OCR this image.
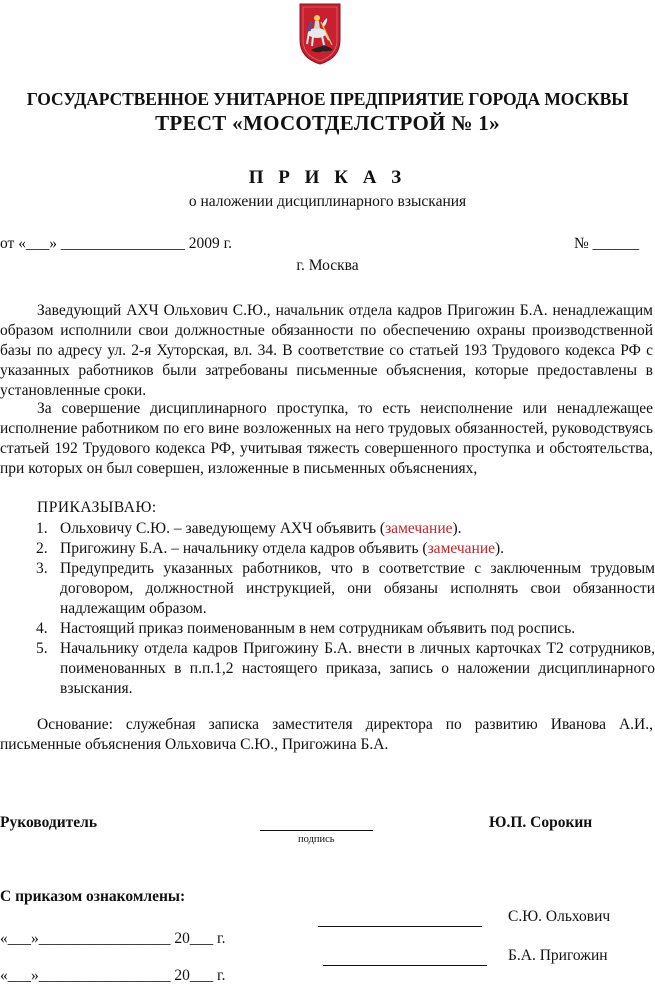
ГОСУДАРСТВЕННОЕ УНИТАРНОЕ ПРЕДПРИЯТИЕ ГОРОДА МОСКВЫ
ТРЕСТ «МОСОТДЕЛСТРОЙ № 1»
П Р И К А З
о наложении дисциплинарного взыскания
от «___» ________________ 2009 г.	№ ______
г. Москва

Заведующий АХЧ Ольхович С.Ю., начальник отдела кадров Пригожин Б.А. ненадлежащим образом исполнили свои должностные обязанности по обеспечению охраны производственной базы по адресу ул. 2-я Хуторская, вл. 34. В соответствие со статьей 193 Трудового кодекса РФ с указанных работников были затребованы письменные объяснения, которые предоставлены в установленные сроки.

За совершение дисциплинарного проступка, то есть неисполнение или ненадлежащее исполнение работником по его вине возложенных на него трудовых обязанностей, руководствуясь статьей 192 Трудового кодекса РФ, учитывая тяжесть совершенного проступка и обстоятельства, при которых он был совершен, изложенные в письменных объяснениях,

ПРИКАЗЫВАЮ:
1. Ольховичу С.Ю. – заведующему АХЧ объявить (замечание).
2. Пригожину Б.А. – начальнику отдела кадров объявить (замечание).
3. Предупредить указанных работников, что в соответствие с заключенным трудовым договором, должностной инструкцией, они обязаны исполнять свои обязанности надлежащим образом.
4. Настоящий приказ поименованным в нем сотрудникам объявить под роспись.
5. Начальнику отдела кадров Пригожину Б.А. внести в личных карточках Т2 сотрудников, поименованных в п.п.1,2 настоящего приказа, запись о наложении дисциплинарного взыскания.

Основание: служебная записка заместителя директора по развитию Иванова А.И., письменные объяснения Ольховича С.Ю., Пригожина Б.А.

Руководитель
подпись
Ю.П. Сорокин
С приказом ознакомлены:
С.Ю. Ольхович
«___»_________________ 20___ г.
Б.А. Пригожин
«___»_________________ 20___ г.
